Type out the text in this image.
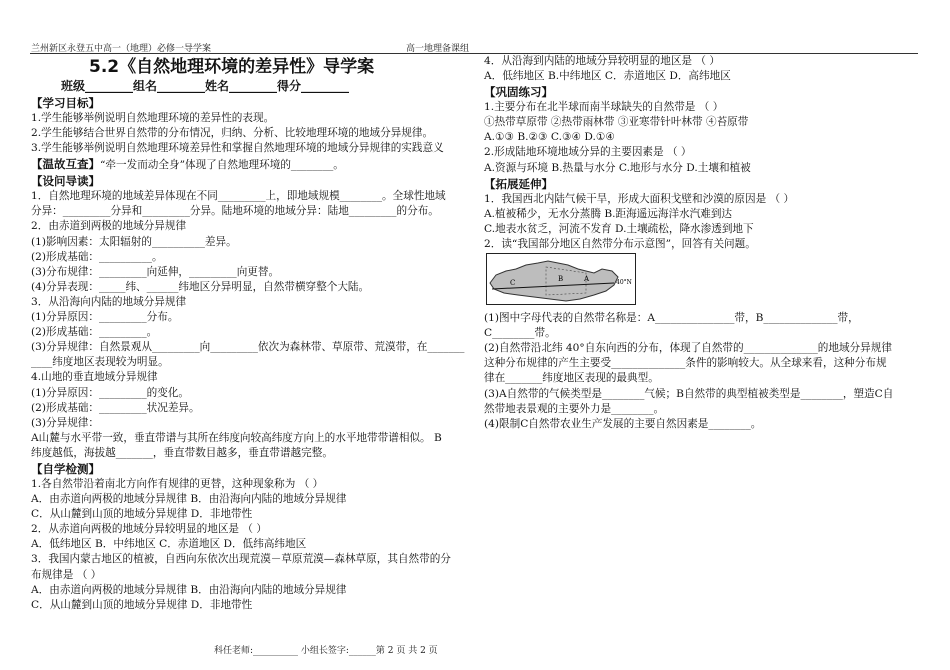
兰州新区永登五中高一（地理）必修一导学案	高一地理备课组
5.2《自然地理环境的差异性》导学案
班级________组名________姓名________得分________
【学习目标】
1.学生能够举例说明自然地理环境的差异性的表现。
2.学生能够结合世界自然带的分布情况，归纳、分析、比较地理环境的地域分异规律。
3.学生能够举例说明自然地理环境差异性和掌握自然地理环境的地域分异规律的实践意义
【温故互查】“牵一发而动全身”体现了自然地理环境的________。
【设问导读】
1．自然地理环境的地域差异体现在不同_________上，即地域规模________。全球性地域
分异：_________分异和_________分异。陆地环境的地域分异：陆地_________的分布。
2．由赤道到两极的地域分异规律
(1)影响因素：太阳辐射的__________差异。
(2)形成基础：__________。
(3)分布规律：_________向延伸，_________向更替。
(4)分异表现：_____纬、______纬地区分异明显，自然带横穿整个大陆。
3．从沿海向内陆的地域分异规律
(1)分异原因：_________分布。
(2)形成基础：_________。
(3)分异规律：自然景观从_________向_________依次为森林带、草原带、荒漠带，在_______
____纬度地区表现较为明显。
4.山地的垂直地域分异规律
(1)分异原因：_________的变化。
(2)形成基础：_________状况差异。
(3)分异规律：
A山麓与水平带一致，垂直带谱与其所在纬度向较高纬度方向上的水平地带带谱相似。 B
纬度越低，海拔越_______，垂直带数目越多，垂直带谱越完整。
【自学检测】
1.各自然带沿着南北方向作有规律的更替，这种现象称为 （ ）
A．由赤道向两极的地域分异规律 B．由沿海向内陆的地域分异规律
C．从山麓到山顶的地域分异规律 D．非地带性
2．从赤道向两极的地域分异较明显的地区是 （ ）
A．低纬地区 B．中纬地区 C．赤道地区 D．低纬高纬地区
3．我国内蒙古地区的植被，自西向东依次出现荒漠－草原荒漠—森林草原，其自然带的分
布规律是 （ ）
A．由赤道向两极的地域分异规律 B．由沿海向内陆的地域分异规律
C．从山麓到山顶的地域分异规律 D．非地带性
4．从沿海到内陆的地域分异较明显的地区是 （ ）
A．低纬地区 B.中纬地区 C．赤道地区 D．高纬地区
【巩固练习】
1.主要分布在北半球而南半球缺失的自然带是 （ ）
①热带草原带 ②热带雨林带 ③亚寒带针叶林带 ④苔原带
A.①③ B.②③ C.③④ D.①④
2.形成陆地环境地域分异的主要因素是 （ ）
A.资源与环境 B.热量与水分 C.地形与水分 D.土壤和植被
【拓展延伸】
1．我国西北内陆气候干旱，形成大面积戈壁和沙漠的原因是 （ ）
A.植被稀少，无水分蒸腾 B.距海遥远海洋水汽难到达
C.地表水贫乏，河流不发育 D.土壤疏松，降水渗透到地下
2．读“我国部分地区自然带分布示意图”，回答有关问题。
A
B
C	40°N
(1)图中字母代表的自然带名称是：A_______________带，B______________带，
C________带。
(2)自然带沿北纬 40°自东向西的分布，体现了自然带的______________的地域分异规律
这种分布规律的产生主要受______________条件的影响较大。从全球来看，这种分布规
律在_______纬度地区表现的最典型。
(3)A自然带的气候类型是________气候；B自然带的典型植被类型是________，塑造C自
然带地表景观的主要外力是________。
(4)限制C自然带农业生产发展的主要自然因素是________。
科任老师:__________ 小组长签字:______第 2 页 共 2 页
